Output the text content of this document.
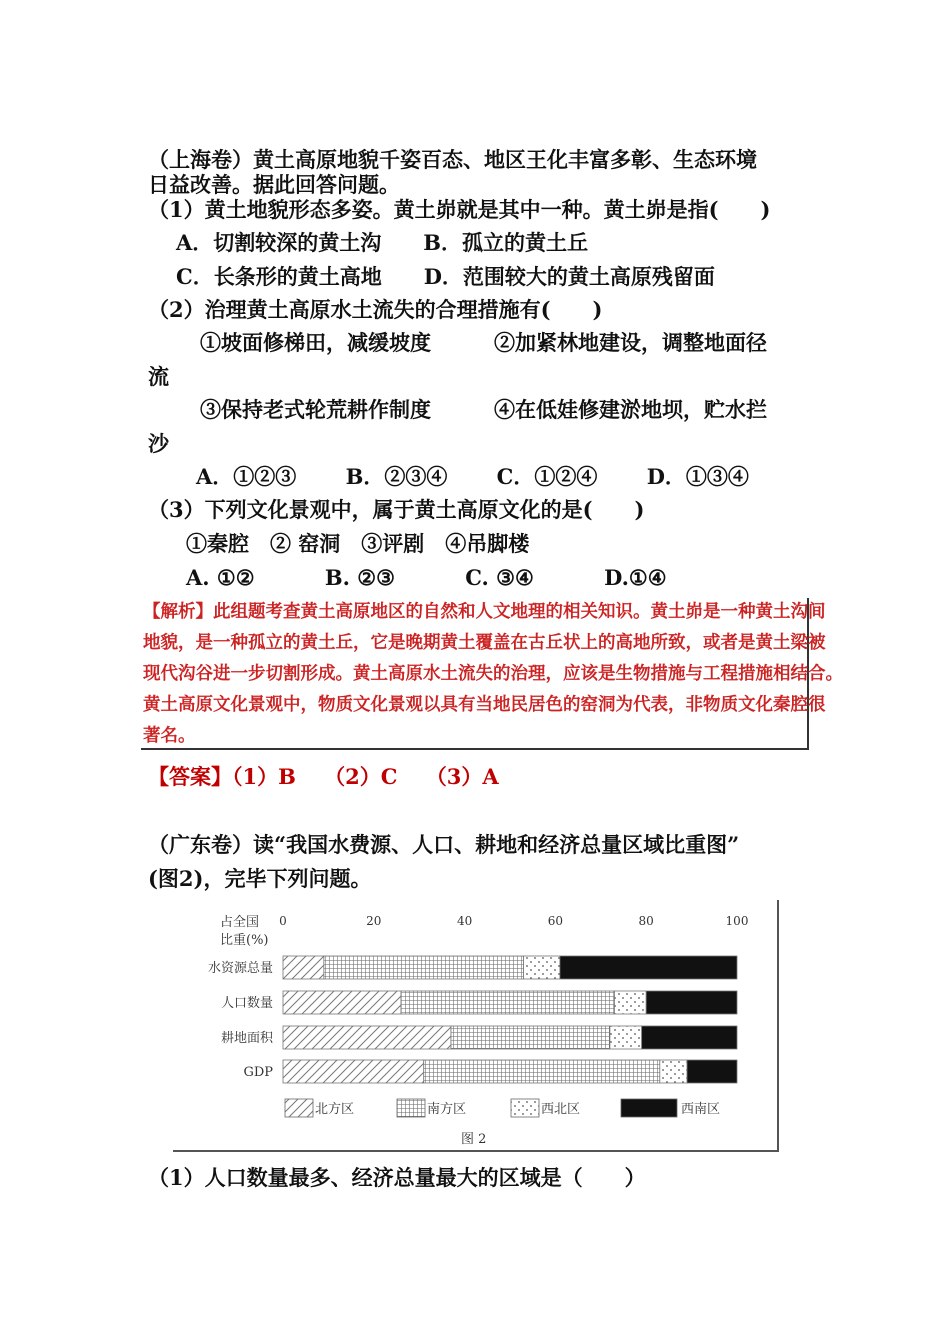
（上海卷）黄土高原地貌千姿百态、地区王化丰富多彰、生态环境
日益改善。据此回答问题。
（1）黄土地貌形态多姿。黄土峁就是其中一种。黄土峁是指(　　)
A．切割较深的黄土沟　　B．孤立的黄土丘
C．长条形的黄土高地　　D．范围较大的黄土高原残留面
（2）治理黄土高原水土流失的合理措施有(　　)
①坡面修梯田，减缓坡度　　　②加紧林地建设，调整地面径
流
③保持老式轮荒耕作制度　　　④在低娃修建淤地坝，贮水拦
沙
A．①②③　　 B．②③④　　 C．①②④　　 D．①③④
（3）下列文化景观中，属于黄土高原文化的是(　　)
①秦腔　② 窑洞　③评剧　④吊脚楼
A. ①②　　　 B. ②③　　　 C. ③④　　　 D.①④

【解析】此组题考查黄土高原地区的自然和人文地理的相关知识。黄土峁是一种黄土沟间

地貌，是一种孤立的黄土丘，它是晚期黄土覆盖在古丘状上的高地所致，或者是黄土梁被

现代沟谷进一步切割形成。黄土高原水土流失的治理，应该是生物措施与工程措施相结合。

黄土高原文化景观中，物质文化景观以具有当地民居色的窑洞为代表，非物质文化秦腔很

著名。

【答案】（1）B　 （2）C　 （3）A
（广东卷）读“我国水费源、人口、耕地和经济总量区域比重图”
(图2)，完毕下列问题。
占全国
比重(%)
0	20	40	60	80	100
水资源总量
人口数量
耕地面积
GDP
北方区	南方区	西北区	西南区
图 2
（1）人口数量最多、经济总量最大的区域是（　　）
